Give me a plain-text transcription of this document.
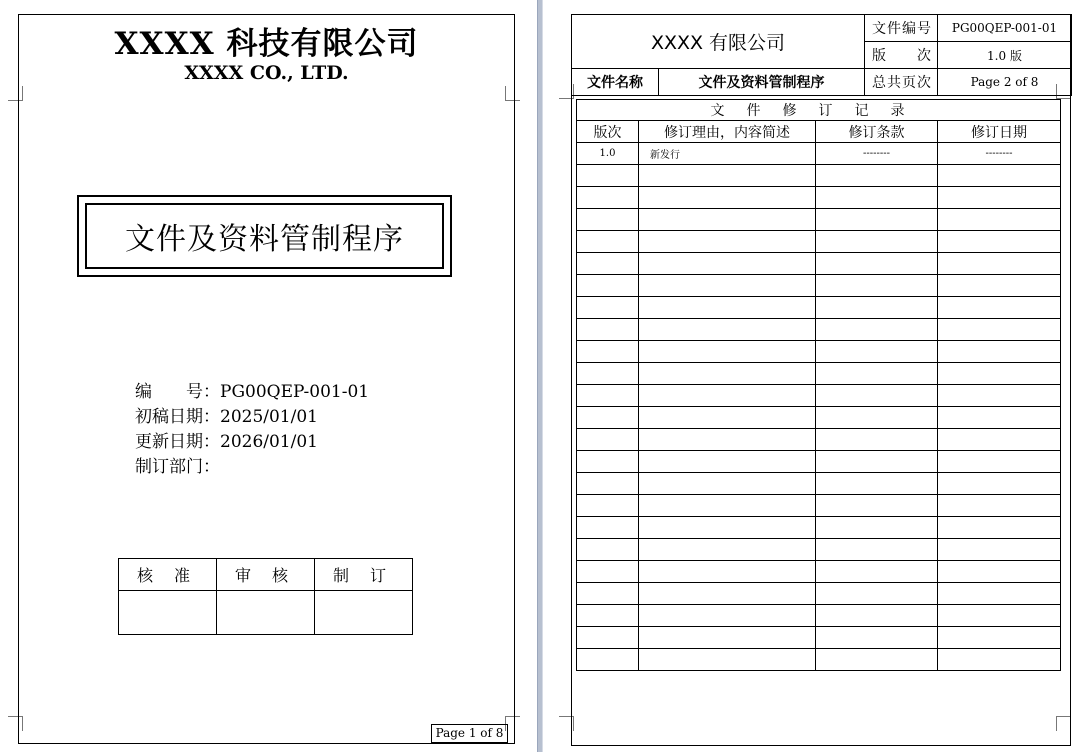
XXXX 科技有限公司
XXXX CO., LTD.
文件及资料管制程序
编　　号：PG00QEP-001-01
初稿日期：2025/01/01
更新日期：2026/01/01
制订部门：
核 准	审 核	制 订

Page 1 of 8
XXXX 有限公司		文件编号	PG00QEP-001-01
		版　　次	1.0 版
文件名称	文件及资料管制程序	总共页次	Page 2 of 8
文件修订记录			
版次	修订理由，内容简述	修订条款	修订日期
1.0	新发行	--------	--------
